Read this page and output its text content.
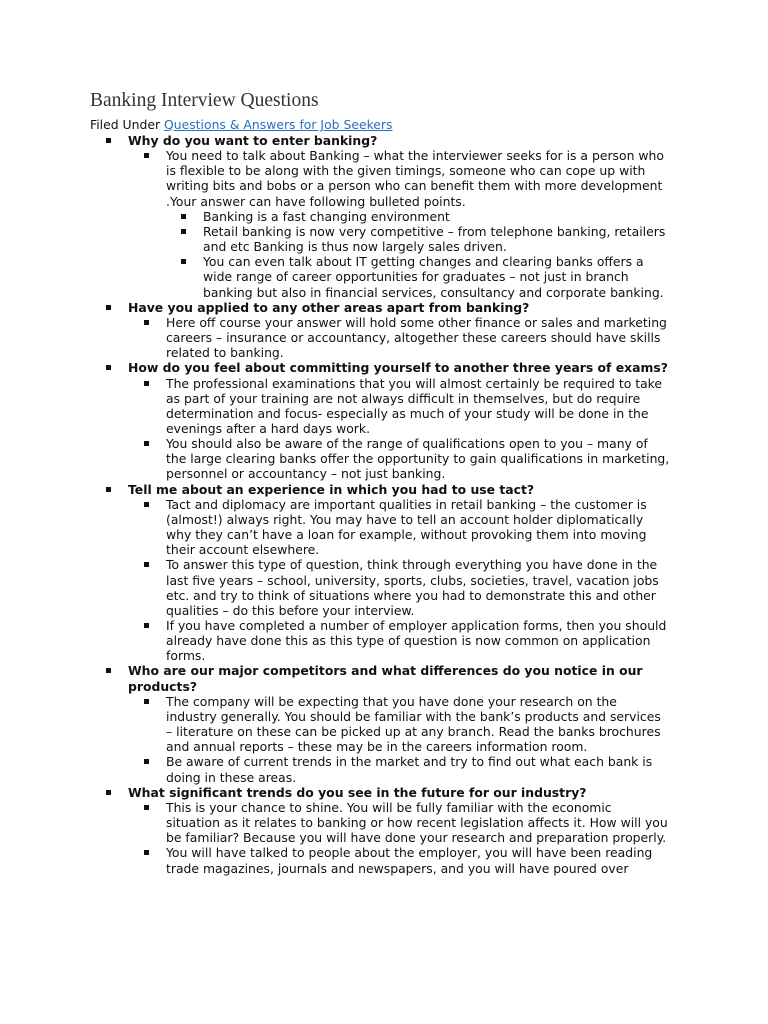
Banking Interview Questions
Filed Under Questions & Answers for Job Seekers
Why do you want to enter banking?
You need to talk about Banking – what the interviewer seeks for is a person who
is flexible to be along with the given timings, someone who can cope up with
writing bits and bobs or a person who can benefit them with more development
.Your answer can have following bulleted points.
Banking is a fast changing environment
Retail banking is now very competitive – from telephone banking, retailers
and etc Banking is thus now largely sales driven.
You can even talk about IT getting changes and clearing banks offers a
wide range of career opportunities for graduates – not just in branch
banking but also in financial services, consultancy and corporate banking.
Have you applied to any other areas apart from banking?
Here off course your answer will hold some other finance or sales and marketing
careers – insurance or accountancy, altogether these careers should have skills
related to banking.
How do you feel about committing yourself to another three years of exams?
The professional examinations that you will almost certainly be required to take
as part of your training are not always difficult in themselves, but do require
determination and focus- especially as much of your study will be done in the
evenings after a hard days work.
You should also be aware of the range of qualifications open to you – many of
the large clearing banks offer the opportunity to gain qualifications in marketing,
personnel or accountancy – not just banking.
Tell me about an experience in which you had to use tact?
Tact and diplomacy are important qualities in retail banking – the customer is
(almost!) always right. You may have to tell an account holder diplomatically
why they can’t have a loan for example, without provoking them into moving
their account elsewhere.
To answer this type of question, think through everything you have done in the
last five years – school, university, sports, clubs, societies, travel, vacation jobs
etc. and try to think of situations where you had to demonstrate this and other
qualities – do this before your interview.
If you have completed a number of employer application forms, then you should
already have done this as this type of question is now common on application
forms.
Who are our major competitors and what differences do you notice in our
products?
The company will be expecting that you have done your research on the
industry generally. You should be familiar with the bank’s products and services
– literature on these can be picked up at any branch. Read the banks brochures
and annual reports – these may be in the careers information room.
Be aware of current trends in the market and try to find out what each bank is
doing in these areas.
What significant trends do you see in the future for our industry?
This is your chance to shine. You will be fully familiar with the economic
situation as it relates to banking or how recent legislation affects it. How will you
be familiar? Because you will have done your research and preparation properly.
You will have talked to people about the employer, you will have been reading
trade magazines, journals and newspapers, and you will have poured over
